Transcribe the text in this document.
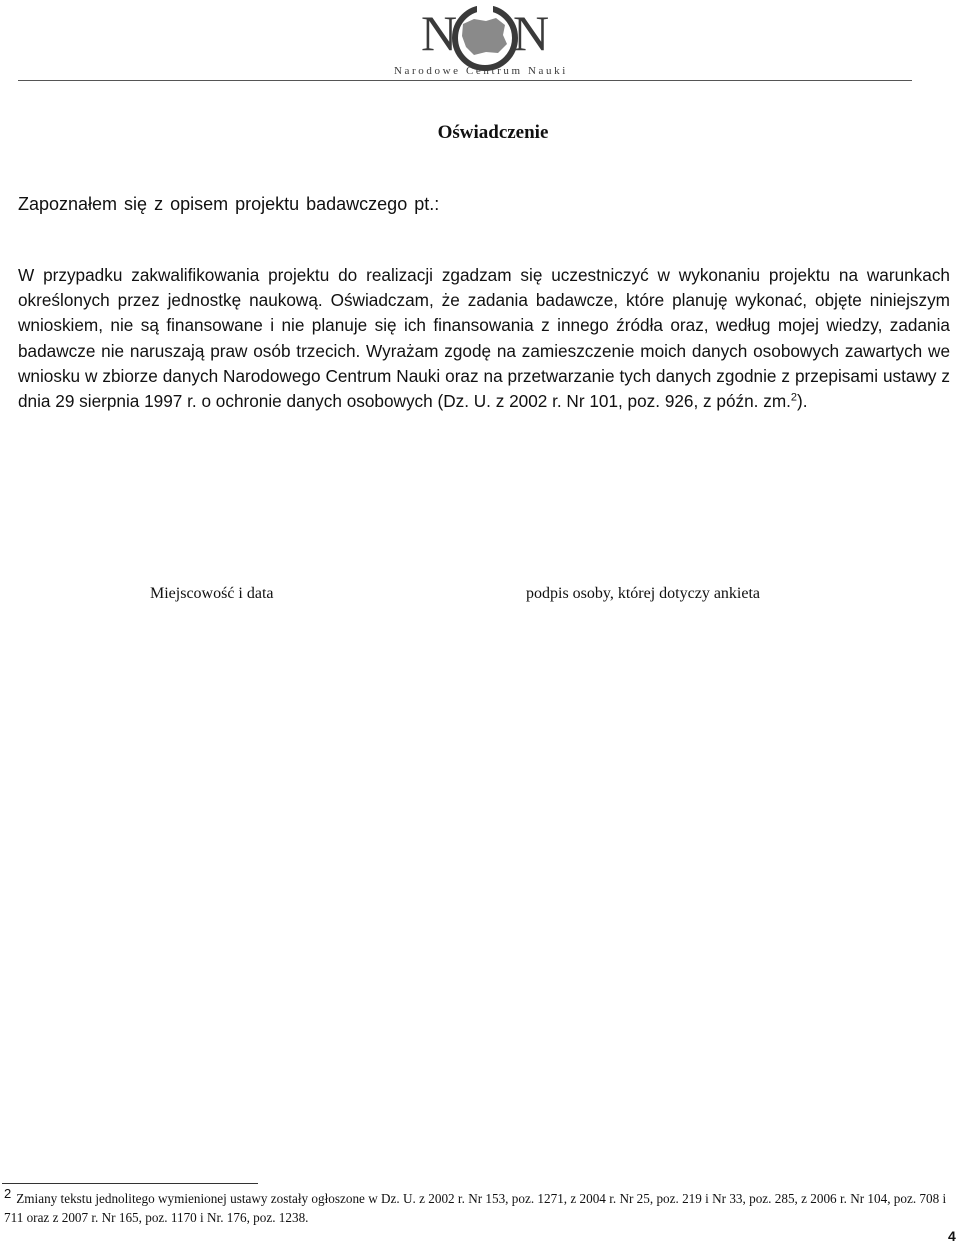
N N
Narodowe Centrum Nauki
Oświadczenie

Zapoznałem się z opisem projektu badawczego pt.:

W przypadku zakwalifikowania projektu do realizacji zgadzam się uczestniczyć w wykonaniu projektu na warunkach określonych przez jednostkę naukową. Oświadczam, że zadania badawcze, które planuję wykonać, objęte niniejszym wnioskiem, nie są finansowane i nie planuje się ich finansowania z innego źródła oraz, według mojej wiedzy, zadania badawcze nie naruszają praw osób trzecich. Wyrażam zgodę na zamieszczenie moich danych osobowych zawartych we wniosku w zbiorze danych Narodowego Centrum Nauki oraz na przetwarzanie tych danych zgodnie z przepisami ustawy z dnia 29 sierpnia 1997 r. o ochronie danych osobowych (Dz. U. z 2002 r. Nr 101, poz. 926, z późn. zm.$^2$).

Miejscowość i data	podpis osoby, której dotyczy ankieta

$^2$ Zmiany tekstu jednolitego wymienionej ustawy zostały ogłoszone w Dz. U. z 2002 r. Nr 153, poz. 1271, z 2004 r. Nr 25, poz. 219 i Nr 33, poz. 285, z 2006 r. Nr 104, poz. 708 i 711 oraz z 2007 r. Nr 165, poz. 1170 i Nr. 176, poz. 1238.

4
